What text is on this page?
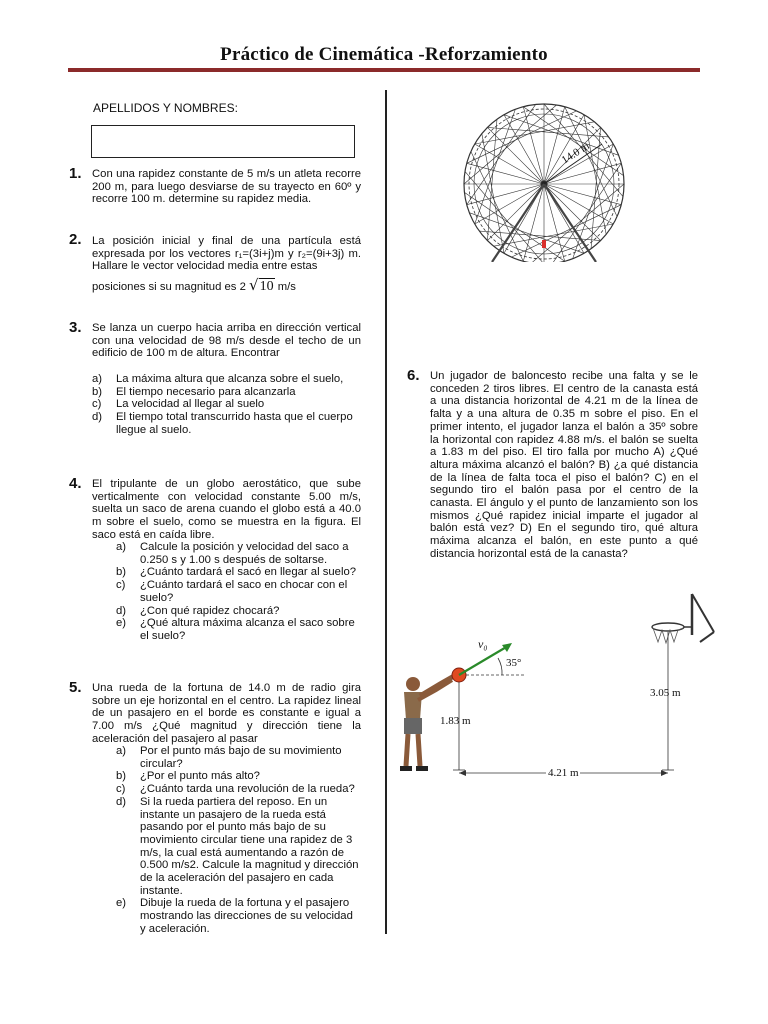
Práctico de Cinemática -Reforzamiento
APELLIDOS Y NOMBRES:
1. Con una rapidez constante de 5 m/s un atleta recorre 200 m, para luego desviarse de su trayecto en 60º y recorre 100 m. determine su rapidez media.

2. La posición inicial y final de una partícula está expresada por los vectores r₁=(3i+j)m y r₂=(9i+3j) m. Hallare le vector velocidad media entre estas

posiciones si su magnitud es 2 √10 m/s
3. Se lanza un cuerpo hacia arriba en dirección vertical con una velocidad de 98 m/s desde el techo de un edificio de 100 m de altura. Encontrar

a) La máxima altura que alcanza sobre el suelo,
b) El tiempo necesario para alcanzarla
c) La velocidad al llegar al suelo
d) El tiempo total transcurrido hasta que el cuerpo llegue al suelo.
4. El tripulante de un globo aerostático, que sube verticalmente con velocidad constante 5.00 m/s, suelta un saco de arena cuando el globo está a 40.0 m sobre el suelo, como se muestra en la figura. El saco está en caída libre.

a) Calcule la posición y velocidad del saco a 0.250 s y 1.00 s después de soltarse.
b) ¿Cuánto tardará el sacó en llegar al suelo?
c) ¿Cuánto tardará el saco en chocar con el suelo?
d) ¿Con qué rapidez chocará?
e) ¿Qué altura máxima alcanza el saco sobre el suelo?
5. Una rueda de la fortuna de 14.0 m de radio gira sobre un eje horizontal en el centro. La rapidez lineal de un pasajero en el borde es constante e igual a 7.00 m/s ¿Qué magnitud y dirección tiene la aceleración del pasajero al pasar

a) Por el punto más bajo de su movimiento circular?
b) ¿Por el punto más alto?
c) ¿Cuánto tarda una revolución de la rueda?
d) Si la rueda partiera del reposo. En un instante un pasajero de la rueda está pasando por el punto más bajo de su movimiento circular tiene una rapidez de 3 m/s, la cual está aumentando a razón de 0.500 m/s2. Calcule la magnitud y dirección de la aceleración del pasajero en cada instante.
e) Dibuje la rueda de la fortuna y el pasajero mostrando las direcciones de su velocidad y aceleración.
14.0 m
6. Un jugador de baloncesto recibe una falta y se le conceden 2 tiros libres. El centro de la canasta está a una distancia horizontal de 4.21 m de la línea de falta y a una altura de 0.35 m sobre el piso. En el primer intento, el jugador lanza el balón a 35º sobre la horizontal con rapidez 4.88 m/s. el balón se suelta a 1.83 m del piso. El tiro falla por mucho A) ¿Qué altura máxima alcanzó el balón? B) ¿a qué distancia de la línea de falta toca el piso el balón? C) en el segundo tiro el balón pasa por el centro de la canasta. El ángulo y el punto de lanzamiento son los mismos ¿Qué rapidez inicial imparte el jugador al balón está vez? D) En el segundo tiro, qué altura máxima alcanza el balón, en este punto a qué distancia horizontal está de la canasta?

3.05 m
v₀
35°
1.83 m
4.21 m
